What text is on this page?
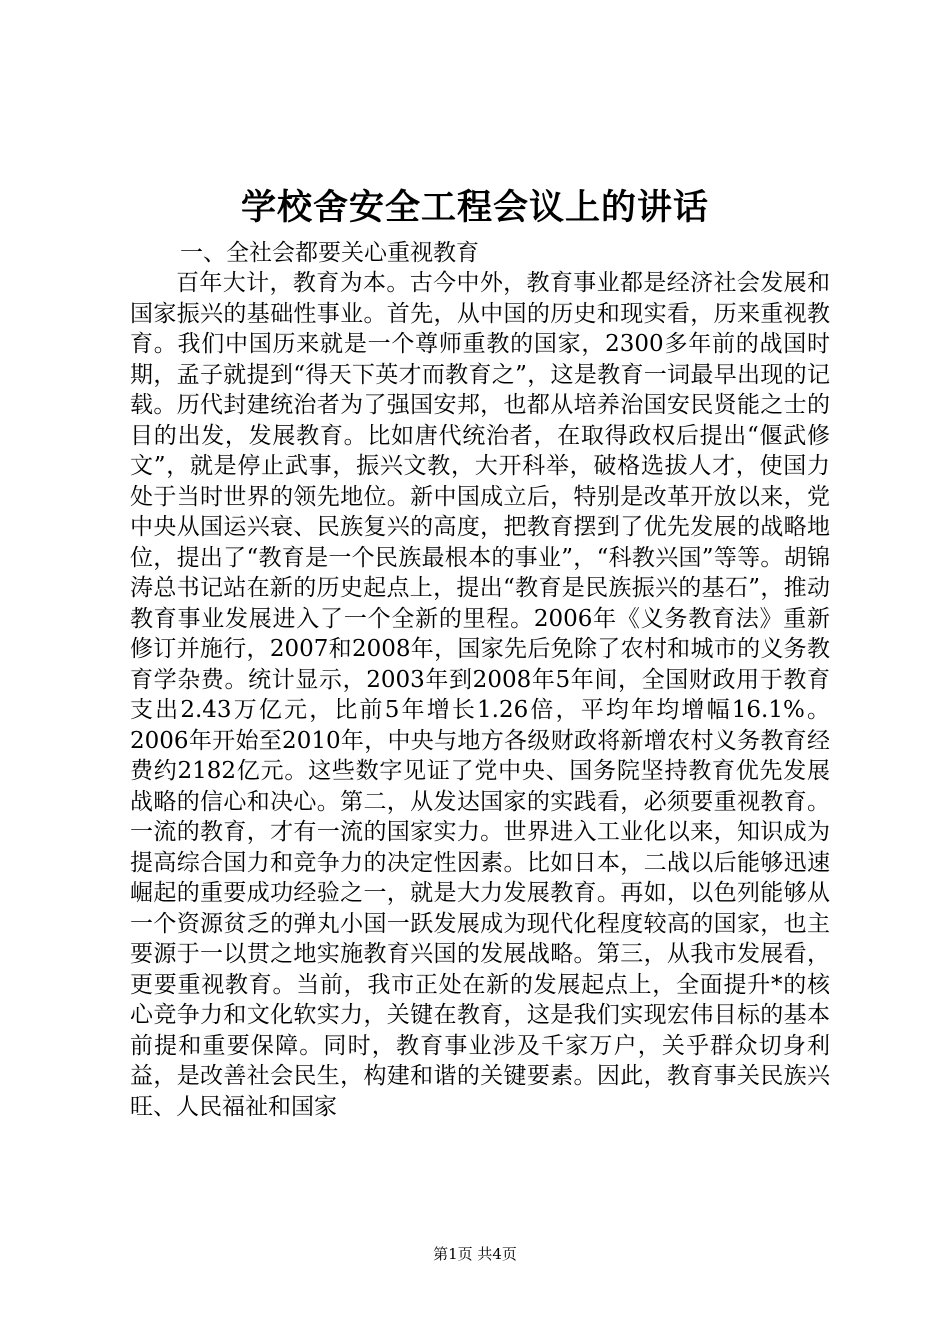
学校舍安全工程会议上的讲话

一、全社会都要关心重视教育

百年大计，教育为本。古今中外，教育事业都是经济社会发展和国家振兴的基础性事业。首先，从中国的历史和现实看，历来重视教育。我们中国历来就是一个尊师重教的国家，2300多年前的战国时期，孟子就提到“得天下英才而教育之”，这是教育一词最早出现的记载。历代封建统治者为了强国安邦，也都从培养治国安民贤能之士的目的出发，发展教育。比如唐代统治者，在取得政权后提出“偃武修文”，就是停止武事，振兴文教，大开科举，破格选拔人才，使国力处于当时世界的领先地位。新中国成立后，特别是改革开放以来，党中央从国运兴衰、民族复兴的高度，把教育摆到了优先发展的战略地位，提出了“教育是一个民族最根本的事业”，“科教兴国”等等。胡锦涛总书记站在新的历史起点上，提出“教育是民族振兴的基石”，推动教育事业发展进入了一个全新的里程。2006年《义务教育法》重新修订并施行，2007和2008年，国家先后免除了农村和城市的义务教育学杂费。统计显示，2003年到2008年5年间，全国财政用于教育支出2.43万亿元，比前5年增长1.26倍，平均年均增幅16.1%。2006年开始至2010年，中央与地方各级财政将新增农村义务教育经费约2182亿元。这些数字见证了党中央、国务院坚持教育优先发展战略的信心和决心。第二，从发达国家的实践看，必须要重视教育。一流的教育，才有一流的国家实力。世界进入工业化以来，知识成为提高综合国力和竞争力的决定性因素。比如日本，二战以后能够迅速崛起的重要成功经验之一，就是大力发展教育。再如，以色列能够从一个资源贫乏的弹丸小国一跃发展成为现代化程度较高的国家，也主要源于一以贯之地实施教育兴国的发展战略。第三，从我市发展看，更要重视教育。当前，我市正处在新的发展起点上，全面提升*的核心竞争力和文化软实力，关键在教育，这是我们实现宏伟目标的基本前提和重要保障。同时，教育事业涉及千家万户，关乎群众切身利益，是改善社会民生，构建和谐的关键要素。因此，教育事关民族兴旺、人民福祉和国家

第1页 共4页
